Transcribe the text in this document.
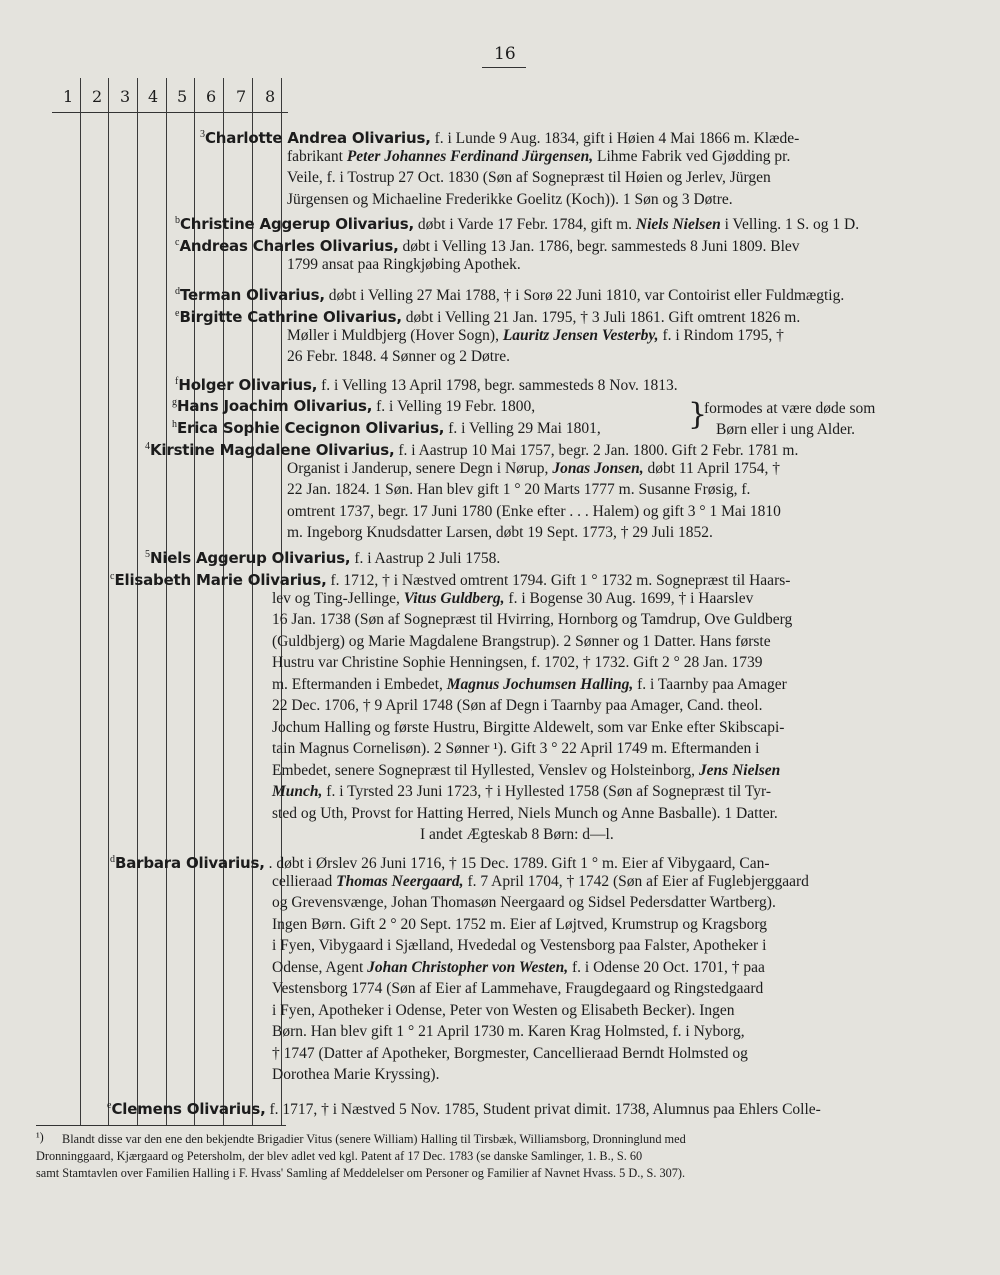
16
1 2 3 4 5 6 7 8
$^3$Charlotte Andrea Olivarius, f. i Lunde 9 Aug. 1834, gift i Høien 4 Mai 1866 m. Klæde-
fabrikant Peter Johannes Ferdinand Jürgensen, Lihme Fabrik ved Gjødding pr.
Veile, f. i Tostrup 27 Oct. 1830 (Søn af Sognepræst til Høien og Jerlev, Jürgen
Jürgensen og Michaeline Frederikke Goelitz (Koch)). 1 Søn og 3 Døtre.
$^b$Christine Aggerup Olivarius, døbt i Varde 17 Febr. 1784, gift m. Niels Nielsen i Velling. 1 S. og 1 D.
$^c$Andreas Charles Olivarius, døbt i Velling 13 Jan. 1786, begr. sammesteds 8 Juni 1809. Blev
1799 ansat paa Ringkjøbing Apothek.
$^d$Terman Olivarius, døbt i Velling 27 Mai 1788, † i Sorø 22 Juni 1810, var Contoirist eller Fuldmægtig.
$^e$Birgitte Cathrine Olivarius, døbt i Velling 21 Jan. 1795, † 3 Juli 1861. Gift omtrent 1826 m.
Møller i Muldbjerg (Hover Sogn), Lauritz Jensen Vesterby, f. i Rindom 1795, †
26 Febr. 1848. 4 Sønner og 2 Døtre.
$^f$Holger Olivarius, f. i Velling 13 April 1798, begr. sammesteds 8 Nov. 1813.
$^g$Hans Joachim Olivarius, f. i Velling 19 Febr. 1800,
$^h$Erica Sophie Cecignon Olivarius, f. i Velling 29 Mai 1801,
$^4$Kirstine Magdalene Olivarius, f. i Aastrup 10 Mai 1757, begr. 2 Jan. 1800. Gift 2 Febr. 1781 m.
Organist i Janderup, senere Degn i Nørup, Jonas Jonsen, døbt 11 April 1754, †
22 Jan. 1824. 1 Søn. Han blev gift 1 ° 20 Marts 1777 m. Susanne Frøsig, f.
omtrent 1737, begr. 17 Juni 1780 (Enke efter . . . Halem) og gift 3 ° 1 Mai 1810
m. Ingeborg Knudsdatter Larsen, døbt 19 Sept. 1773, † 29 Juli 1852.
$^5$Niels Aggerup Olivarius, f. i Aastrup 2 Juli 1758.
$^c$Elisabeth Marie Olivarius, f. 1712, † i Næstved omtrent 1794. Gift 1 ° 1732 m. Sognepræst til Haars-
lev og Ting-Jellinge, Vitus Guldberg, f. i Bogense 30 Aug. 1699, † i Haarslev
16 Jan. 1738 (Søn af Sognepræst til Hvirring, Hornborg og Tamdrup, Ove Guldberg
(Guldbjerg) og Marie Magdalene Brangstrup). 2 Sønner og 1 Datter. Hans første
Hustru var Christine Sophie Henningsen, f. 1702, † 1732. Gift 2 ° 28 Jan. 1739
m. Eftermanden i Embedet, Magnus Jochumsen Halling, f. i Taarnby paa Amager
22 Dec. 1706, † 9 April 1748 (Søn af Degn i Taarnby paa Amager, Cand. theol.
Jochum Halling og første Hustru, Birgitte Aldewelt, som var Enke efter Skibscapi-
tain Magnus Cornelisøn). 2 Sønner ¹). Gift 3 ° 22 April 1749 m. Eftermanden i
Embedet, senere Sognepræst til Hyllested, Venslev og Holsteinborg, Jens Nielsen
Munch, f. i Tyrsted 23 Juni 1723, † i Hyllested 1758 (Søn af Sognepræst til Tyr-
sted og Uth, Provst for Hatting Herred, Niels Munch og Anne Basballe). 1 Datter.
I andet Ægteskab 8 Børn: d—l.
$^d$Barbara Olivarius, . døbt i Ørslev 26 Juni 1716, † 15 Dec. 1789. Gift 1 ° m. Eier af Vibygaard, Can-
cellieraad Thomas Neergaard, f. 7 April 1704, † 1742 (Søn af Eier af Fuglebjerggaard
og Grevensvænge, Johan Thomasøn Neergaard og Sidsel Pedersdatter Wartberg).
Ingen Børn. Gift 2 ° 20 Sept. 1752 m. Eier af Løjtved, Krumstrup og Kragsborg
i Fyen, Vibygaard i Sjælland, Hvededal og Vestensborg paa Falster, Apotheker i
Odense, Agent Johan Christopher von Westen, f. i Odense 20 Oct. 1701, † paa
Vestensborg 1774 (Søn af Eier af Lammehave, Fraugdegaard og Ringstedgaard
i Fyen, Apotheker i Odense, Peter von Westen og Elisabeth Becker). Ingen
Børn. Han blev gift 1 ° 21 April 1730 m. Karen Krag Holmsted, f. i Nyborg,
† 1747 (Datter af Apotheker, Borgmester, Cancellieraad Berndt Holmsted og
Dorothea Marie Kryssing).
$^e$Clemens Olivarius, f. 1717, † i Næstved 5 Nov. 1785, Student privat dimit. 1738, Alumnus paa Ehlers Colle-
formodes at være døde som
Børn eller i ung Alder.
}
Blandt disse var den ene den bekjendte Brigadier Vitus (senere William) Halling til Tirsbæk, Williamsborg, Dronninglund med
Dronninggaard, Kjærgaard og Petersholm, der blev adlet ved kgl. Patent af 17 Dec. 1783 (se danske Samlinger, 1. B., S. 60
samt Stamtavlen over Familien Halling i F. Hvass' Samling af Meddelelser om Personer og Familier af Navnet Hvass. 5 D., S. 307).
¹)
